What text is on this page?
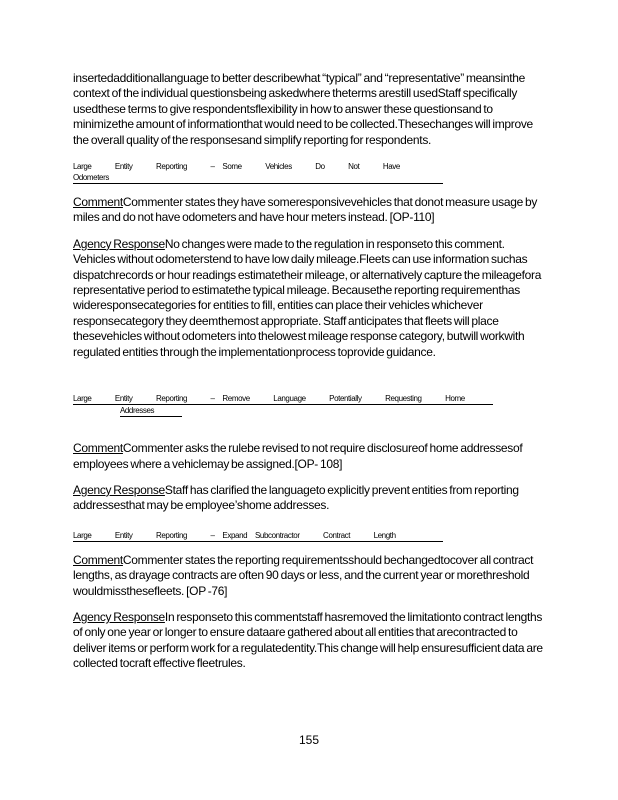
insertedadditionallanguage to better describewhat “typical” and “representative” meansinthe context of the individual questionsbeing askedwhere theterms arestill usedStaff specifically usedthese terms to give respondentsflexibility in how to answer these questionsand to minimizethe amount of informationthat would need to be collected.Thesechanges will improve the overall quality of the responsesand simplify reporting for respondents.

Large   Entity   Reporting   – Some   Vehicles   Do   Not   Have   Odometers

CommentCommenter states they have someresponsivevehicles that donot measure usage by miles and do not have odometers and have hour meters instead. [OP-110]

Agency ResponseNo changes were made to the regulation in responseto this comment. Vehicles without odometerstend to have low daily mileage.Fleets can use information suchas dispatchrecords or hour readings estimatetheir mileage, or alternatively capture the mileagefora representative period to estimatethe typical mileage. Becausethe reporting requirementhas wideresponsecategories for entities to fill, entities can place their vehicles whichever responsecategory they deemthemost appropriate. Staff anticipates that fleets will place thesevehicles without odometers into thelowest mileage response category, butwill workwith regulated entities through the implementationprocess toprovide guidance.

Large   Entity   Reporting   – Remove   Language   Potentially   Requesting   Home
Addresses

CommentCommenter asks the rulebe revised to not require disclosureof home addressesof employees where a vehiclemay be assigned.[OP- 108]

Agency ResponseStaff has clarified the languageto explicitly prevent entities from reporting addressesthat may be employee’shome addresses.

Large   Entity   Reporting   – Expand Subcontractor   Contract   Length

CommentCommenter states the reporting requirementsshould bechangedtocover all contract lengths, as drayage contracts are often 90 days or less, and the current year or morethreshold wouldmissthesefleets. [OP -76]

Agency ResponseIn responseto this commentstaff hasremoved the limitationto contract lengths of only one year or longer to ensure dataare gathered about all entities that arecontracted to deliver items or perform work for a regulatedentity.This change will help ensuresufficient data are collected tocraft effective fleetrules.

155
